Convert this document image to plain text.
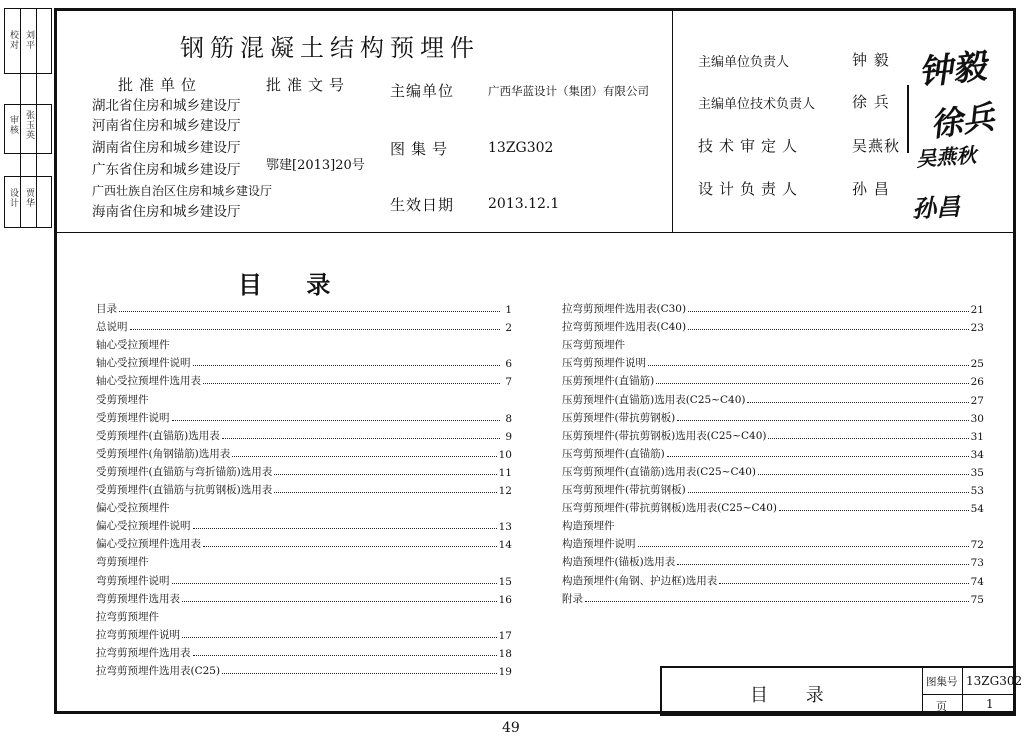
校对
审核
设计
刘平
张玉英
贾华
钢筋混凝土结构预埋件
批准单位	批准文号
湖北省住房和城乡建设厅
河南省住房和城乡建设厅
湖南省住房和城乡建设厅
广东省住房和城乡建设厅
广西壮族自治区住房和城乡建设厅
海南省住房和城乡建设厅
鄂建[2013]20号
主编单位	广西华蓝设计（集团）有限公司
图集号 13ZG302
生效日期 2013.12.1
主编单位负责人	钟 毅
主编单位技术负责人 徐 兵
技术审定人	吴燕秋
设计负责人	孙 昌
钟毅
徐兵
吴燕秋
孙昌
目 录
目录	1
总说明	2
轴心受拉预埋件
轴心受拉预埋件说明	6
轴心受拉预埋件选用表	7
受剪预埋件
受剪预埋件说明	8
受剪预埋件(直锚筋)选用表	9
受剪预埋件(角钢锚筋)选用表	10
受剪预埋件(直锚筋与弯折锚筋)选用表	11
受剪预埋件(直锚筋与抗剪钢板)选用表	12
偏心受拉预埋件
偏心受拉预埋件说明	13
偏心受拉预埋件选用表	14
弯剪预埋件
弯剪预埋件说明	15
弯剪预埋件选用表	16
拉弯剪预埋件
拉弯剪预埋件说明	17
拉弯剪预埋件选用表	18
拉弯剪预埋件选用表(C25)	19
拉弯剪预埋件选用表(C30)	21
拉弯剪预埋件选用表(C40)	23
压弯剪预埋件
压弯剪预埋件说明	25
压剪预埋件(直锚筋)	26
压剪预埋件(直锚筋)选用表(C25~C40)	27
压剪预埋件(带抗剪钢板)	30
压剪预埋件(带抗剪钢板)选用表(C25~C40)	31
压弯剪预埋件(直锚筋)	34
压弯剪预埋件(直锚筋)选用表(C25~C40)	35
压弯剪预埋件(带抗剪钢板)	53
压弯剪预埋件(带抗剪钢板)选用表(C25~C40)	54
构造预埋件
构造预埋件说明	72
构造预埋件(锚板)选用表	73
构造预埋件(角钢、护边框)选用表	74
附录	75
目 录
图集号 13ZG302
页	1
49
